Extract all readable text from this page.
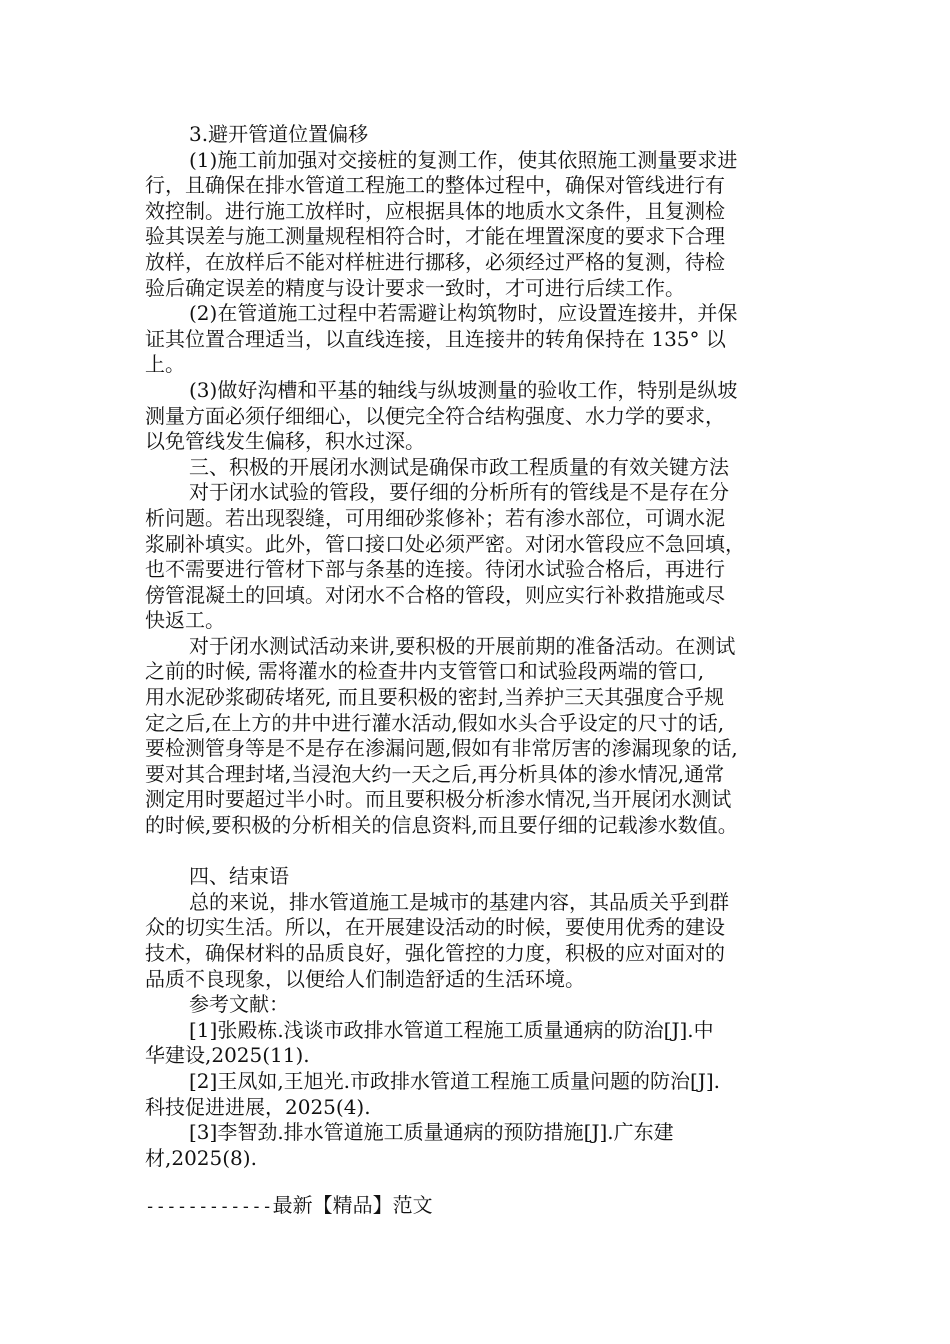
3.避开管道位置偏移
(1)施工前加强对交接桩的复测工作，使其依照施工测量要求进
行，且确保在排水管道工程施工的整体过程中，确保对管线进行有
效控制。进行施工放样时，应根据具体的地质水文条件，且复测检
验其误差与施工测量规程相符合时，才能在埋置深度的要求下合理
放样，在放样后不能对样桩进行挪移，必须经过严格的复测，待检
验后确定误差的精度与设计要求一致时，才可进行后续工作。
(2)在管道施工过程中若需避让构筑物时，应设置连接井，并保
证其位置合理适当，以直线连接，且连接井的转角保持在 135° 以
上。
(3)做好沟槽和平基的轴线与纵坡测量的验收工作，特别是纵坡
测量方面必须仔细细心，以便完全符合结构强度、水力学的要求，
以免管线发生偏移，积水过深。
三、积极的开展闭水测试是确保市政工程质量的有效关键方法
对于闭水试验的管段，要仔细的分析所有的管线是不是存在分
析问题。若出现裂缝，可用细砂浆修补；若有渗水部位，可调水泥
浆刷补填实。此外，管口接口处必须严密。对闭水管段应不急回填，
也不需要进行管材下部与条基的连接。待闭水试验合格后，再进行
傍管混凝土的回填。对闭水不合格的管段，则应实行补救措施或尽
快返工。
对于闭水测试活动来讲,要积极的开展前期的准备活动。在测试
之前的时候, 需将灌水的检查井内支管管口和试验段两端的管口,
用水泥砂浆砌砖堵死, 而且要积极的密封,当养护三天其强度合乎规
定之后,在上方的井中进行灌水活动,假如水头合乎设定的尺寸的话,
要检测管身等是不是存在渗漏问题,假如有非常厉害的渗漏现象的话,
要对其合理封堵,当浸泡大约一天之后,再分析具体的渗水情况,通常
测定用时要超过半小时。而且要积极分析渗水情况,当开展闭水测试
的时候,要积极的分析相关的信息资料,而且要仔细的记载渗水数值。
四、结束语
总的来说，排水管道施工是城市的基建内容，其品质关乎到群
众的切实生活。所以，在开展建设活动的时候，要使用优秀的建设
技术，确保材料的品质良好，强化管控的力度，积极的应对面对的
品质不良现象，以便给人们制造舒适的生活环境。
参考文献：
[1]张殿栋.浅谈市政排水管道工程施工质量通病的防治[J].中
华建设,2025(11).
[2]王凤如,王旭光.市政排水管道工程施工质量问题的防治[J].
科技促进进展，2025(4).
[3]李智劲.排水管道施工质量通病的预防措施[J].广东建
材,2025(8).
------------最新【精品】范文
